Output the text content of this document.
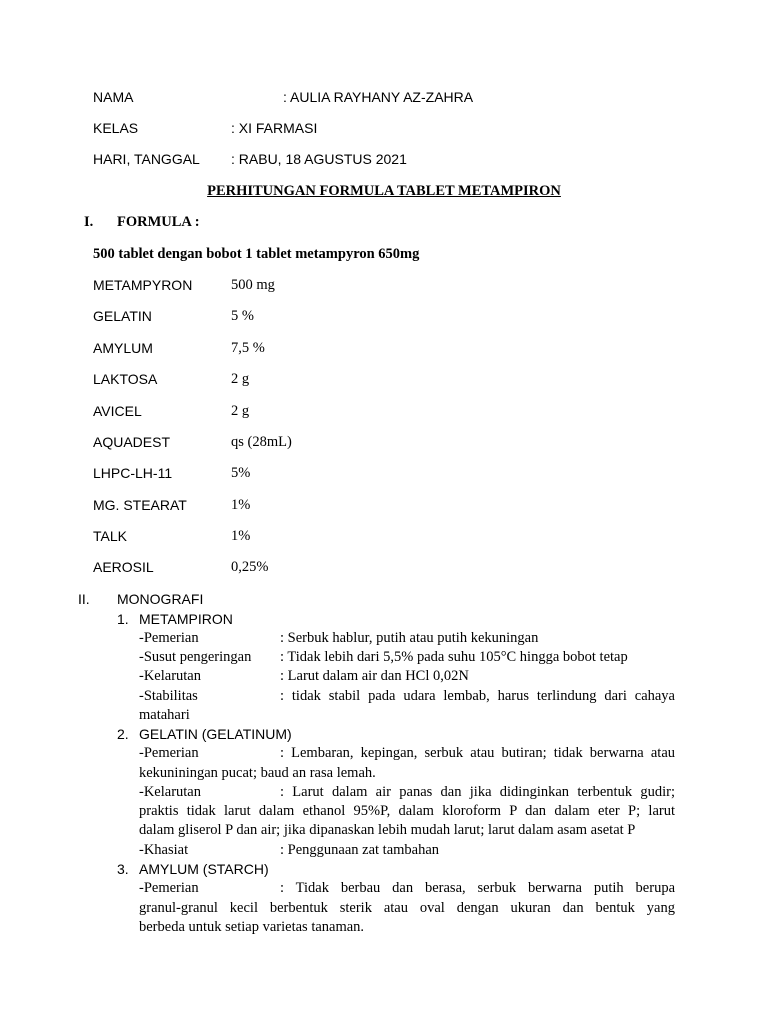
NAMA	: AULIA RAYHANY AZ-ZAHRA
KELAS	: XI FARMASI
HARI, TANGGAL : RABU, 18 AGUSTUS 2021
PERHITUNGAN FORMULA TABLET METAMPIRON
I. FORMULA :
500 tablet dengan bobot 1 tablet metampyron 650mg
METAMPYRON	500 mg
GELATIN	5 %
AMYLUM	7,5 %
LAKTOSA	2 g
AVICEL	2 g
AQUADEST	qs (28mL)
LHPC-LH-11	5%
MG. STEARAT	1%
TALK	1%
AEROSIL	0,25%
II. MONOGRAFI
1. METAMPIRON
-Pemerian	: Serbuk hablur, putih atau putih kekuningan
-Susut pengeringan : Tidak lebih dari 5,5% pada suhu 105°C hingga bobot tetap
-Kelarutan	: Larut dalam air dan HCl 0,02N
-Stabilitas	: tidak stabil pada udara lembab, harus terlindung dari cahaya
matahari
2. GELATIN (GELATINUM)
-Pemerian	: Lembaran, kepingan, serbuk atau butiran; tidak berwarna atau
kekuniningan pucat; baud an rasa lemah.
-Kelarutan	: Larut dalam air panas dan jika didinginkan terbentuk gudir;
praktis tidak larut dalam ethanol 95%P, dalam kloroform P dan dalam eter P; larut
dalam gliserol P dan air; jika dipanaskan lebih mudah larut; larut dalam asam asetat P
-Khasiat	: Penggunaan zat tambahan
3. AMYLUM (STARCH)
-Pemerian	: Tidak berbau dan berasa, serbuk berwarna putih berupa
granul-granul kecil berbentuk sterik atau oval dengan ukuran dan bentuk yang
berbeda untuk setiap varietas tanaman.
